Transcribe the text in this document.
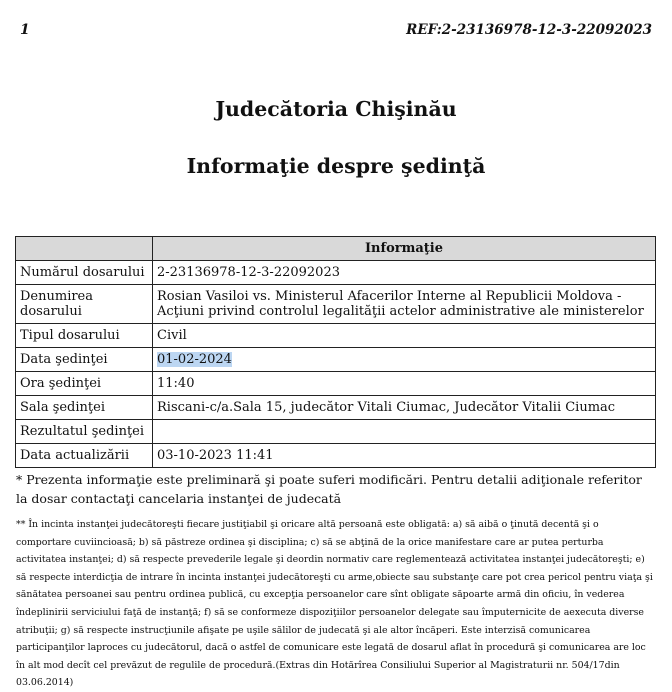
1	REF:2-23136978-12-3-22092023
Judecătoria Chişinău
Informaţie despre şedinţă
	Informaţie
Numărul dosarului	2-23136978-12-3-22092023
Denumirea dosarului	Rosian Vasiloi vs. Ministerul Afacerilor Interne al Republicii Moldova - Acţiuni privind controlul legalităţii actelor administrative ale ministerelor
Tipul dosarului	Civil
Data şedinţei	01-02-2024
Ora şedinţei	11:40
Sala şedinţei	Riscani-c/a.Sala 15, judecător Vitali Ciumac, Judecător Vitalii Ciumac
Rezultatul şedinţei	
Data actualizării	03-10-2023 11:41
* Prezenta informaţie este preliminară şi poate suferi modificări. Pentru detalii adiţionale referitor la dosar contactaţi cancelaria instanţei de judecată
** În incinta instanţei judecătoreşti fiecare justiţiabil şi oricare altă persoană este obligată: a) să aibă o ţinută decentă şi o comportare cuviincioasă; b) să păstreze ordinea şi disciplina; c) să se abţină de la orice manifestare care ar putea perturba activitatea instanţei; d) să respecte prevederile legale şi deordin normativ care reglementează activitatea instanţei judecătoreşti; e) să respecte interdicţia de intrare în incinta instanţei judecătoreşti cu arme,obiecte sau substanţe care pot crea pericol pentru viaţa şi sănătatea persoanei sau pentru ordinea publică, cu excepţia persoanelor care sînt obligate săpoarte armă din oficiu, în vederea îndeplinirii serviciului faţă de instanţă; f) să se conformeze dispoziţiilor persoanelor delegate sau împuternicite de aexecuta diverse atribuţii; g) să respecte instrucţiunile afişate pe uşile sălilor de judecată şi ale altor încăperi. Este interzisă comunicarea participanţilor laproces cu judecătorul, dacă o astfel de comunicare este legată de dosarul aflat în procedură şi comunicarea are loc în alt mod decît cel prevăzut de regulile de procedură.(Extras din Hotărîrea Consiliului Superior al Magistraturii nr. 504/17din 03.06.2014)
